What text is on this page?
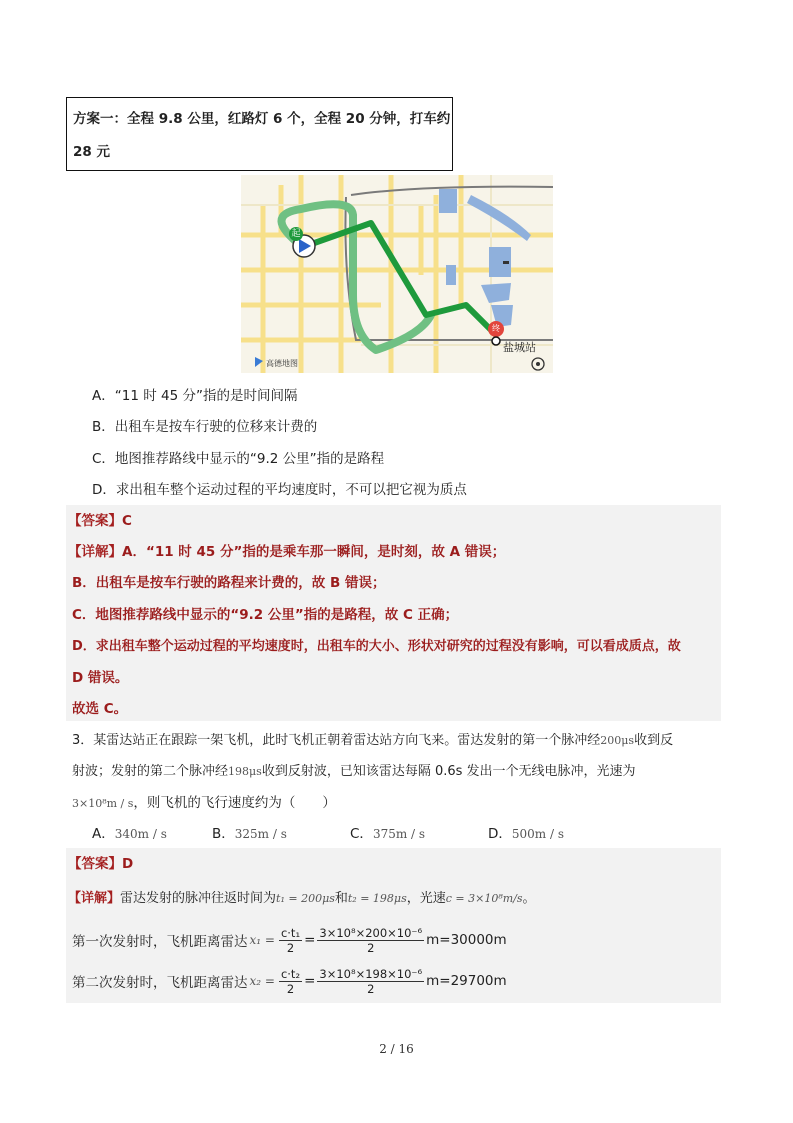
方案一：全程 9.8 公里，红路灯 6 个，全程 20 分钟，打车约
28 元
起
终
盐城站
高德地图
A．“11 时 45 分”指的是时间间隔
B．出租车是按车行驶的位移来计费的
C．地图推荐路线中显示的“9.2 公里”指的是路程
D．求出租车整个运动过程的平均速度时，不可以把它视为质点
【答案】C
【详解】A．“11 时 45 分”指的是乘车那一瞬间，是时刻，故 A 错误；
B．出租车是按车行驶的路程来计费的，故 B 错误；
C．地图推荐路线中显示的“9.2 公里”指的是路程，故 C 正确；
D．求出租车整个运动过程的平均速度时，出租车的大小、形状对研究的过程没有影响，可以看成质点，故
D 错误。
故选 C。
3．某雷达站正在跟踪一架飞机，此时飞机正朝着雷达站方向飞来。雷达发射的第一个脉冲经200μs收到反
射波；发射的第二个脉冲经198μs收到反射波，已知该雷达每隔 0.6s 发出一个无线电脉冲，光速为
3×10⁸m / s，则飞机的飞行速度约为（　　）
A．340m / s	B．325m / s	C．375m / s	D．500m / s
【答案】D
【详解】雷达发射的脉冲往返时间为t₁ = 200μs和t₂ = 198μs，光速c = 3×10⁸m/s。
第一次发射时，飞机距离雷达 $x_1 = \frac{\text{c·t₁}}{2} = \frac{\text{3×10⁸×200×10⁻⁶}}{2} m=30000m$
第二次发射时，飞机距离雷达 $x_2 = \frac{\text{c·t₂}}{2} = \frac{\text{3×10⁸×198×10⁻⁶}}{2} m=29700m$
2 / 16
